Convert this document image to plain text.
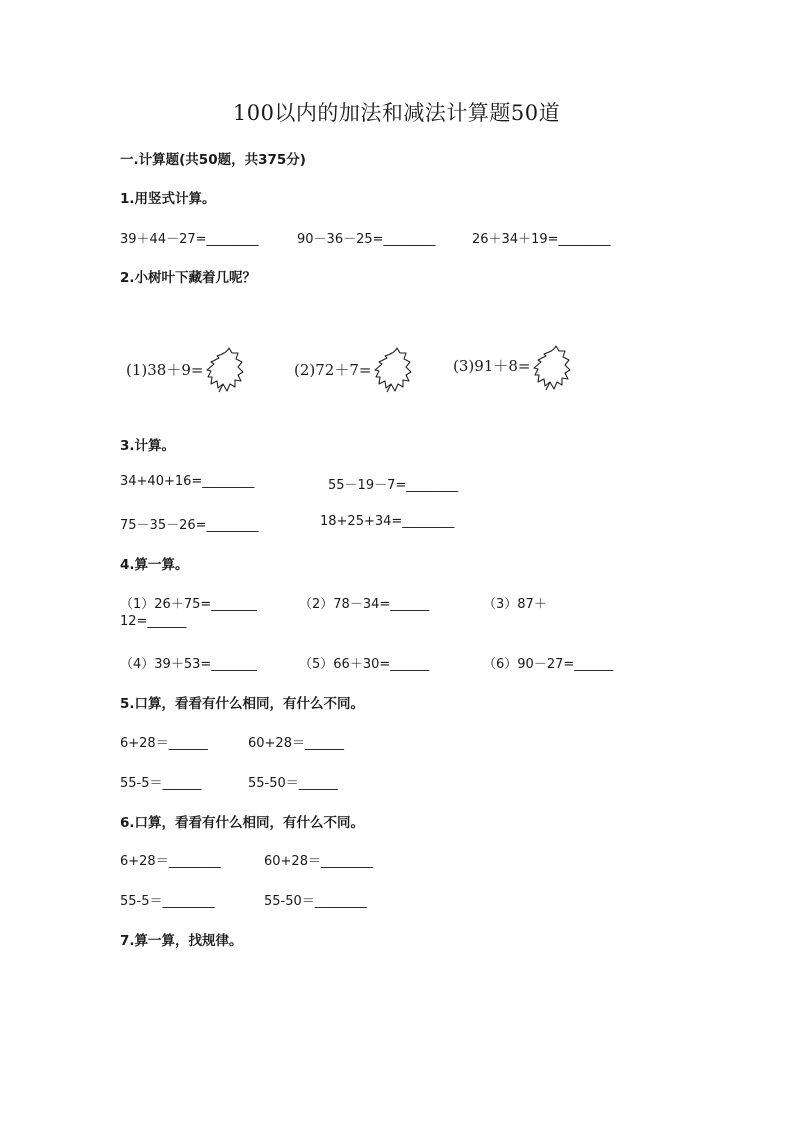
100以内的加法和减法计算题50道
一.计算题(共50题，共375分)
1.用竖式计算。
39＋44－27=________	90－36－25=________	26＋34＋19=________
2.小树叶下藏着几呢？
(1)38＋9=	(2)72＋7=	(3)91＋8=
3.计算。
34+40+16=________	55－19－7=________
75－35－26=________	18+25+34=________
4.算一算。
（1）26＋75=_______	（2）78－34=______	（3）87＋
12=______
（4）39＋53=_______	（5）66＋30=______	（6）90－27=______
5.口算，看看有什么相同，有什么不同。
6+28＝______	60+28＝______
55-5＝______	55-50＝______
6.口算，看看有什么相同，有什么不同。
6+28＝________	60+28＝________
55-5＝________	55-50＝________
7.算一算，找规律。
